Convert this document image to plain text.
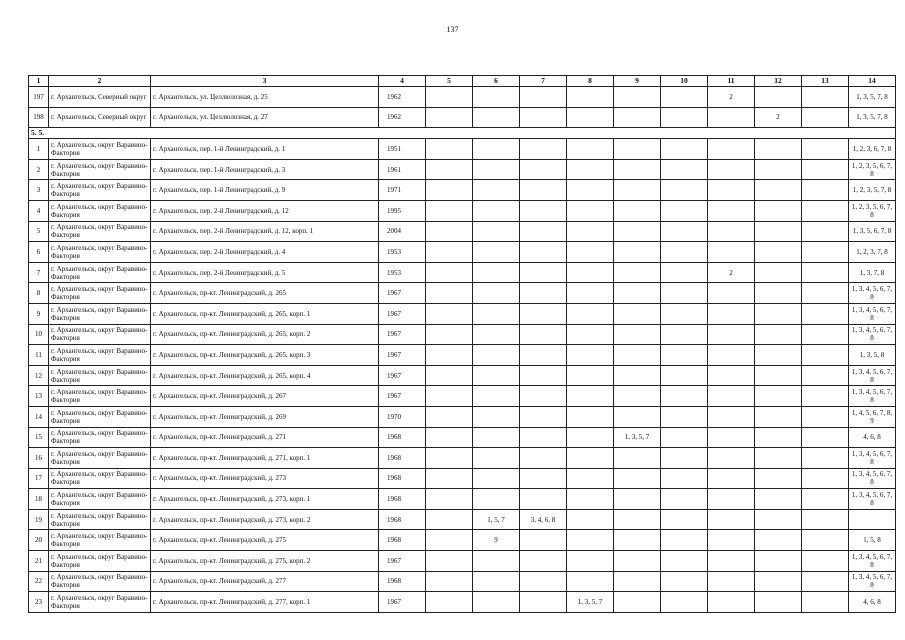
137
1	2	3	4	5	6	7	8	9	10	11	12	13	14
197	г. Архангельск, Северный округ	г. Архангельск, ул. Целлюлозная, д. 25	1962							2			1, 3, 5, 7, 8
198	г. Архангельск, Северный округ	г. Архангельск, ул. Целлюлозная, д. 27	1962								2		1, 3, 5, 7, 8
5. 5.													
1	г. Архангельск, округ Варавино-Фактория	г. Архангельск, пер. 1-й Ленинградский, д. 1	1951										1, 2, 3, 6, 7, 8
2	г. Архангельск, округ Варавино-Фактория	г. Архангельск, пер. 1-й Ленинградский, д. 3	1961										1, 2, 3, 5, 6, 7, 8
3	г. Архангельск, округ Варавино-Фактория	г. Архангельск, пер. 1-й Ленинградский, д. 9	1971										1, 2, 3, 5, 7, 8
4	г. Архангельск, округ Варавино-Фактория	г. Архангельск, пер. 2-й Ленинградский, д. 12	1995										1, 2, 3, 5, 6, 7, 8
5	г. Архангельск, округ Варавино-Фактория	г. Архангельск, пер. 2-й Ленинградский, д. 12, корп. 1	2004										1, 3, 5, 6, 7, 8
6	г. Архангельск, округ Варавино-Фактория	г. Архангельск, пер. 2-й Ленинградский, д. 4	1953										1, 2, 3, 7, 8
7	г. Архангельск, округ Варавино-Фактория	г. Архангельск, пер. 2-й Ленинградский, д. 5	1953							2			1, 3, 7, 8
8	г. Архангельск, округ Варавино-Фактория	г. Архангельск, пр-кт. Ленинградский, д. 265	1967										1, 3, 4, 5, 6, 7, 8
9	г. Архангельск, округ Варавино-Фактория	г. Архангельск, пр-кт. Ленинградский, д. 265, корп. 1	1967										1, 3, 4, 5, 6, 7, 8
10	г. Архангельск, округ Варавино-Фактория	г. Архангельск, пр-кт. Ленинградский, д. 265, корп. 2	1967										1, 3, 4, 5, 6, 7, 8
11	г. Архангельск, округ Варавино-Фактория	г. Архангельск, пр-кт. Ленинградский, д. 265, корп. 3	1967										1, 3, 5, 8
12	г. Архангельск, округ Варавино-Фактория	г. Архангельск, пр-кт. Ленинградский, д. 265, корп. 4	1967										1, 3, 4, 5, 6, 7, 8
13	г. Архангельск, округ Варавино-Фактория	г. Архангельск, пр-кт. Ленинградский, д. 267	1967										1, 3, 4, 5, 6, 7, 8
14	г. Архангельск, округ Варавино-Фактория	г. Архангельск, пр-кт. Ленинградский, д. 269	1970										1, 4, 5, 6, 7, 8, 9
15	г. Архангельск, округ Варавино-Фактория	г. Архангельск, пр-кт. Ленинградский, д. 271	1968					1, 3, 5, 7					4, 6, 8
16	г. Архангельск, округ Варавино-Фактория	г. Архангельск, пр-кт. Ленинградский, д. 271, корп. 1	1968										1, 3, 4, 5, 6, 7, 8
17	г. Архангельск, округ Варавино-Фактория	г. Архангельск, пр-кт. Ленинградский, д. 273	1968										1, 3, 4, 5, 6, 7, 8
18	г. Архангельск, округ Варавино-Фактория	г. Архангельск, пр-кт. Ленинградский, д. 273, корп. 1	1968										1, 3, 4, 5, 6, 7, 8
19	г. Архангельск, округ Варавино-Фактория	г. Архангельск, пр-кт. Ленинградский, д. 273, корп. 2	1968		1, 5, 7	3, 4, 6, 8							
20	г. Архангельск, округ Варавино-Фактория	г. Архангельск, пр-кт. Ленинградский, д. 275	1968		9								1, 5, 8
21	г. Архангельск, округ Варавино-Фактория	г. Архангельск, пр-кт. Ленинградский, д. 275, корп. 2	1967										1, 3, 4, 5, 6, 7, 8
22	г. Архангельск, округ Варавино-Фактория	г. Архангельск, пр-кт. Ленинградский, д. 277	1968										1, 3, 4, 5, 6, 7, 8
23	г. Архангельск, округ Варавино-Фактория	г. Архангельск, пр-кт. Ленинградский, д. 277, корп. 1	1967				1, 3, 5, 7						4, 6, 8
